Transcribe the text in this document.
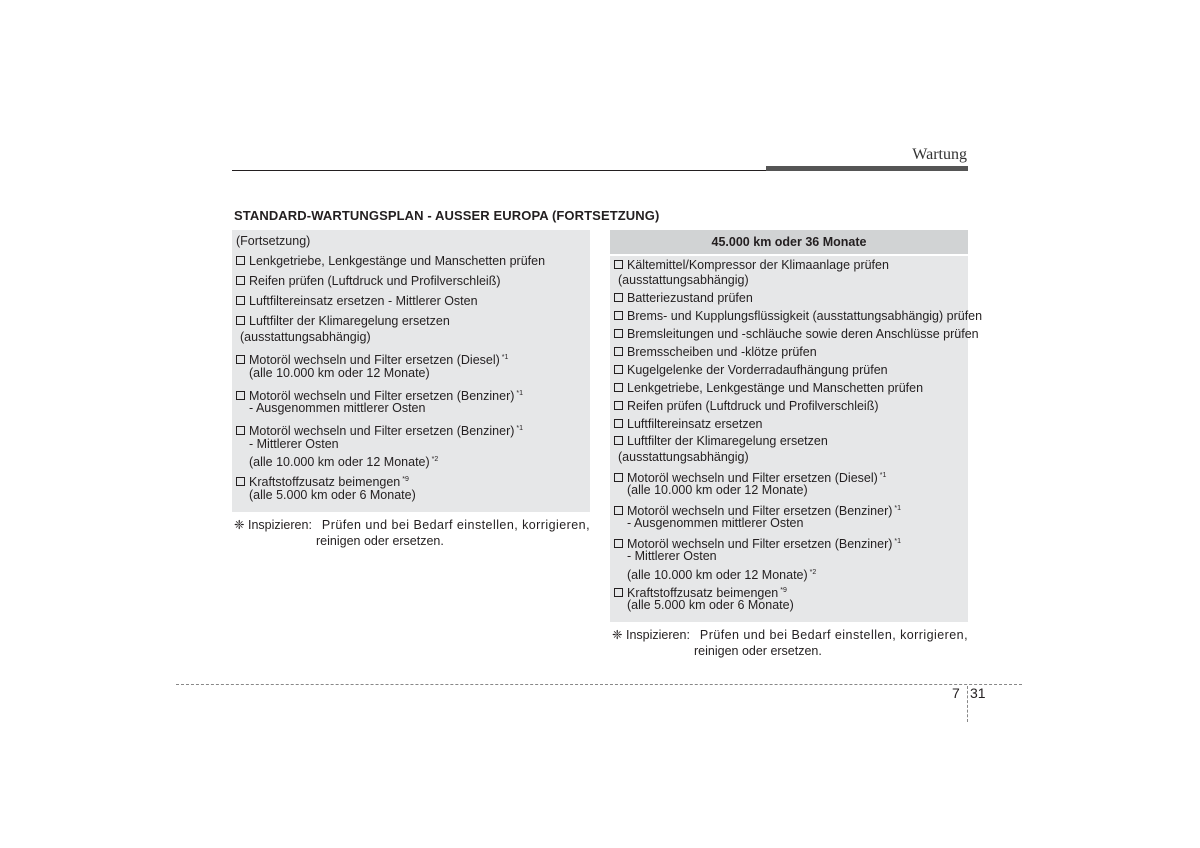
Wartung
STANDARD-WARTUNGSPLAN - AUSSER EUROPA (FORTSETZUNG)
(Fortsetzung)
Lenkgetriebe, Lenkgestänge und Manschetten prüfen
Reifen prüfen (Luftdruck und Profilverschleiß)
Luftfiltereinsatz ersetzen - Mittlerer Osten
Luftfilter der Klimaregelung ersetzen
(ausstattungsabhängig)
Motoröl wechseln und Filter ersetzen (Diesel) $^{*1}$
(alle 10.000 km oder 12 Monate)
Motoröl wechseln und Filter ersetzen (Benziner) $^{*1}$
- Ausgenommen mittlerer Osten
Motoröl wechseln und Filter ersetzen (Benziner) $^{*1}$
- Mittlerer Osten
(alle 10.000 km oder 12 Monate) $^{*2}$
Kraftstoffzusatz beimengen $^{*9}$
(alle 5.000 km oder 6 Monate)
❈ Inspizieren: Prüfen und bei Bedarf einstellen, korrigieren,
reinigen oder ersetzen.
45.000 km oder 36 Monate
Kältemittel/Kompressor der Klimaanlage prüfen
(ausstattungsabhängig)
Batteriezustand prüfen
Brems- und Kupplungsflüssigkeit (ausstattungsabhängig) prüfen
Bremsleitungen und -schläuche sowie deren Anschlüsse prüfen
Bremsscheiben und -klötze prüfen
Kugelgelenke der Vorderradaufhängung prüfen
Lenkgetriebe, Lenkgestänge und Manschetten prüfen
Reifen prüfen (Luftdruck und Profilverschleiß)
Luftfiltereinsatz ersetzen
Luftfilter der Klimaregelung ersetzen
(ausstattungsabhängig)
Motoröl wechseln und Filter ersetzen (Diesel) $^{*1}$
(alle 10.000 km oder 12 Monate)
Motoröl wechseln und Filter ersetzen (Benziner) $^{*1}$
- Ausgenommen mittlerer Osten
Motoröl wechseln und Filter ersetzen (Benziner) $^{*1}$
- Mittlerer Osten
(alle 10.000 km oder 12 Monate) $^{*2}$
Kraftstoffzusatz beimengen $^{*9}$
(alle 5.000 km oder 6 Monate)
❈ Inspizieren: Prüfen und bei Bedarf einstellen, korrigieren,
reinigen oder ersetzen.
7 31
